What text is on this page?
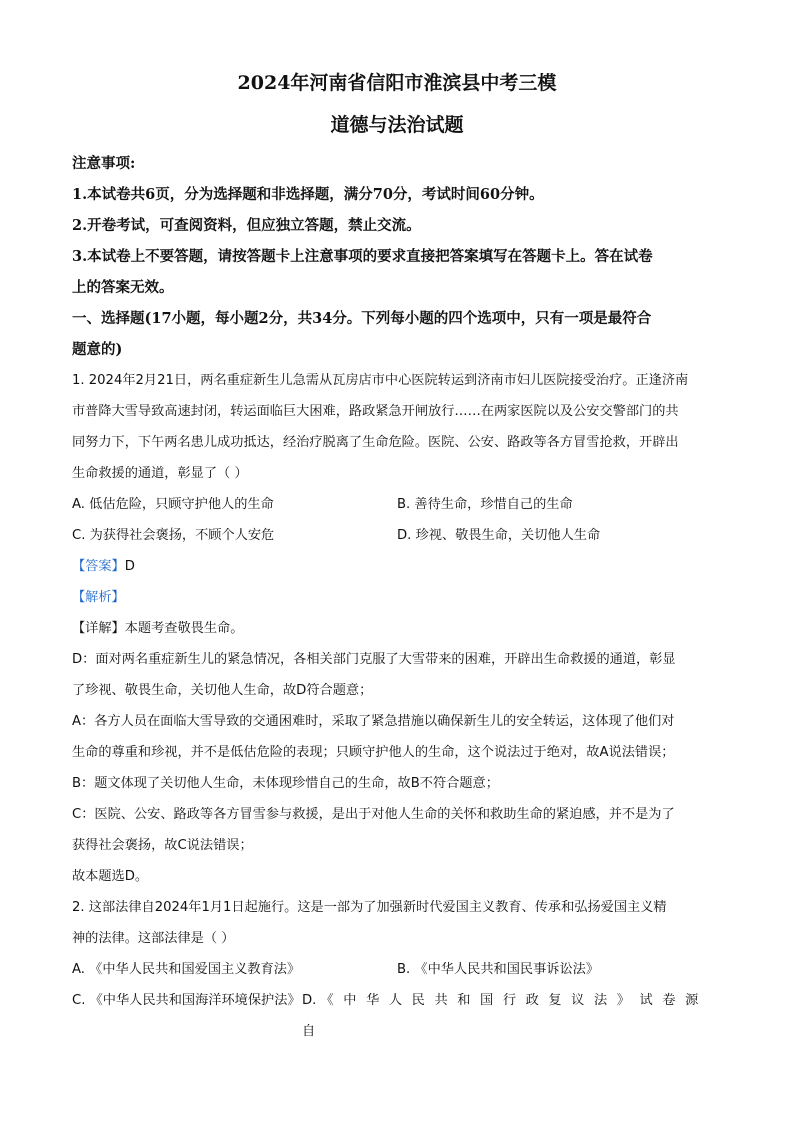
2024年河南省信阳市淮滨县中考三模
道德与法治试题
注意事项:
1.本试卷共6页，分为选择题和非选择题，满分70分，考试时间60分钟。
2.开卷考试，可查阅资料，但应独立答题，禁止交流。
3.本试卷上不要答题，请按答题卡上注意事项的要求直接把答案填写在答题卡上。答在试卷
上的答案无效。
一、选择题(17小题，每小题2分，共34分。下列每小题的四个选项中，只有一项是最符合
题意的)
1. 2024年2月21日，两名重症新生儿急需从瓦房店市中心医院转运到济南市妇儿医院接受治疗。正逢济南
市普降大雪导致高速封闭，转运面临巨大困难，路政紧急开闸放行……在两家医院以及公安交警部门的共
同努力下，下午两名患儿成功抵达，经治疗脱离了生命危险。医院、公安、路政等各方冒雪抢救，开辟出
生命救援的通道，彰显了（ ）
A. 低估危险，只顾守护他人的生命	B. 善待生命，珍惜自己的生命
C. 为获得社会褒扬，不顾个人安危	D. 珍视、敬畏生命，关切他人生命
【答案】D
【解析】
【详解】本题考查敬畏生命。
D：面对两名重症新生儿的紧急情况，各相关部门克服了大雪带来的困难，开辟出生命救援的通道，彰显
了珍视、敬畏生命，关切他人生命，故D符合题意；
A：各方人员在面临大雪导致的交通困难时，采取了紧急措施以确保新生儿的安全转运，这体现了他们对
生命的尊重和珍视，并不是低估危险的表现；只顾守护他人的生命，这个说法过于绝对，故A说法错误；
B：题文体现了关切他人生命，未体现珍惜自己的生命，故B不符合题意；
C：医院、公安、路政等各方冒雪参与救援，是出于对他人生命的关怀和救助生命的紧迫感，并不是为了
获得社会褒扬，故C说法错误；
故本题选D。
2. 这部法律自2024年1月1日起施行。这是一部为了加强新时代爱国主义教育、传承和弘扬爱国主义精
神的法律。这部法律是（ ）
A. 《中华人民共和国爱国主义教育法》	B. 《中华人民共和国民事诉讼法》
C. 《中华人民共和国海洋环境保护法》 D. 《中华人民共和国行政复议法》试卷源自
